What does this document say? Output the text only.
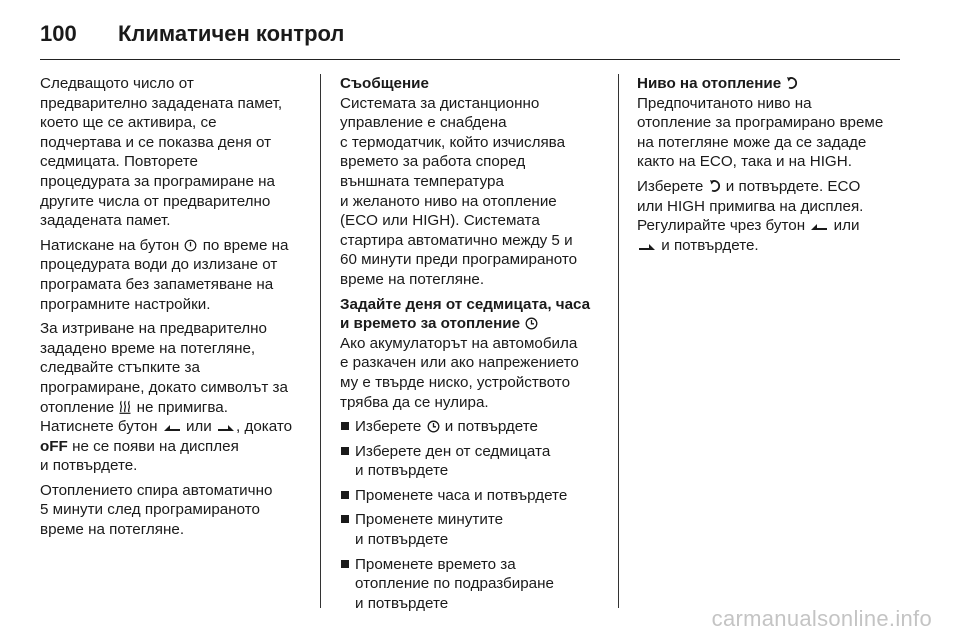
100	Климатичен контрол

Следващото число от
предварително зададената памет,
което ще се активира, се
подчертава и се показва деня от
седмицата. Повторете
процедурата за програмиране на
другите числа от предварително
зададената памет.

Натискане на бутон по време на
процедурата води до излизане от
програмата без запаметяване на
програмните настройки.

За изтриване на предварително
зададено време на потегляне,
следвайте стъпките за
програмиране, докато символът за
отопление не примигва.
Натиснете бутон или , докато
oFF не се появи на дисплея
и потвърдете.

Отоплението спира автоматично
5 минути след програмираното
време на потегляне.

Съобщение
Системата за дистанционно
управление е снабдена
с термодатчик, който изчислява
времето за работа според
външната температура
и желаното ниво на отопление
(ECO или HIGH). Системата
стартира автоматично между 5 и
60 минути преди програмираното
време на потегляне.

Задайте деня от седмицата, часа
и времето за отопление
Ако акумулаторът на автомобила
е разкачен или ако напрежението
му е твърде ниско, устройството
трябва да се нулира.

Изберете и потвърдете
Изберете ден от седмицата
и потвърдете
Променете часа и потвърдете
Променете минутите
и потвърдете
Променете времето за
отопление по подразбиране
и потвърдете

Ниво на отопление
Предпочитаното ниво на
отопление за програмирано време
на потегляне може да се зададе
както на ECO, така и на HIGH.

Изберете и потвърдете. ECO
или HIGH примигва на дисплея.
Регулирайте чрез бутон или
и потвърдете.

carmanualsonline.info
